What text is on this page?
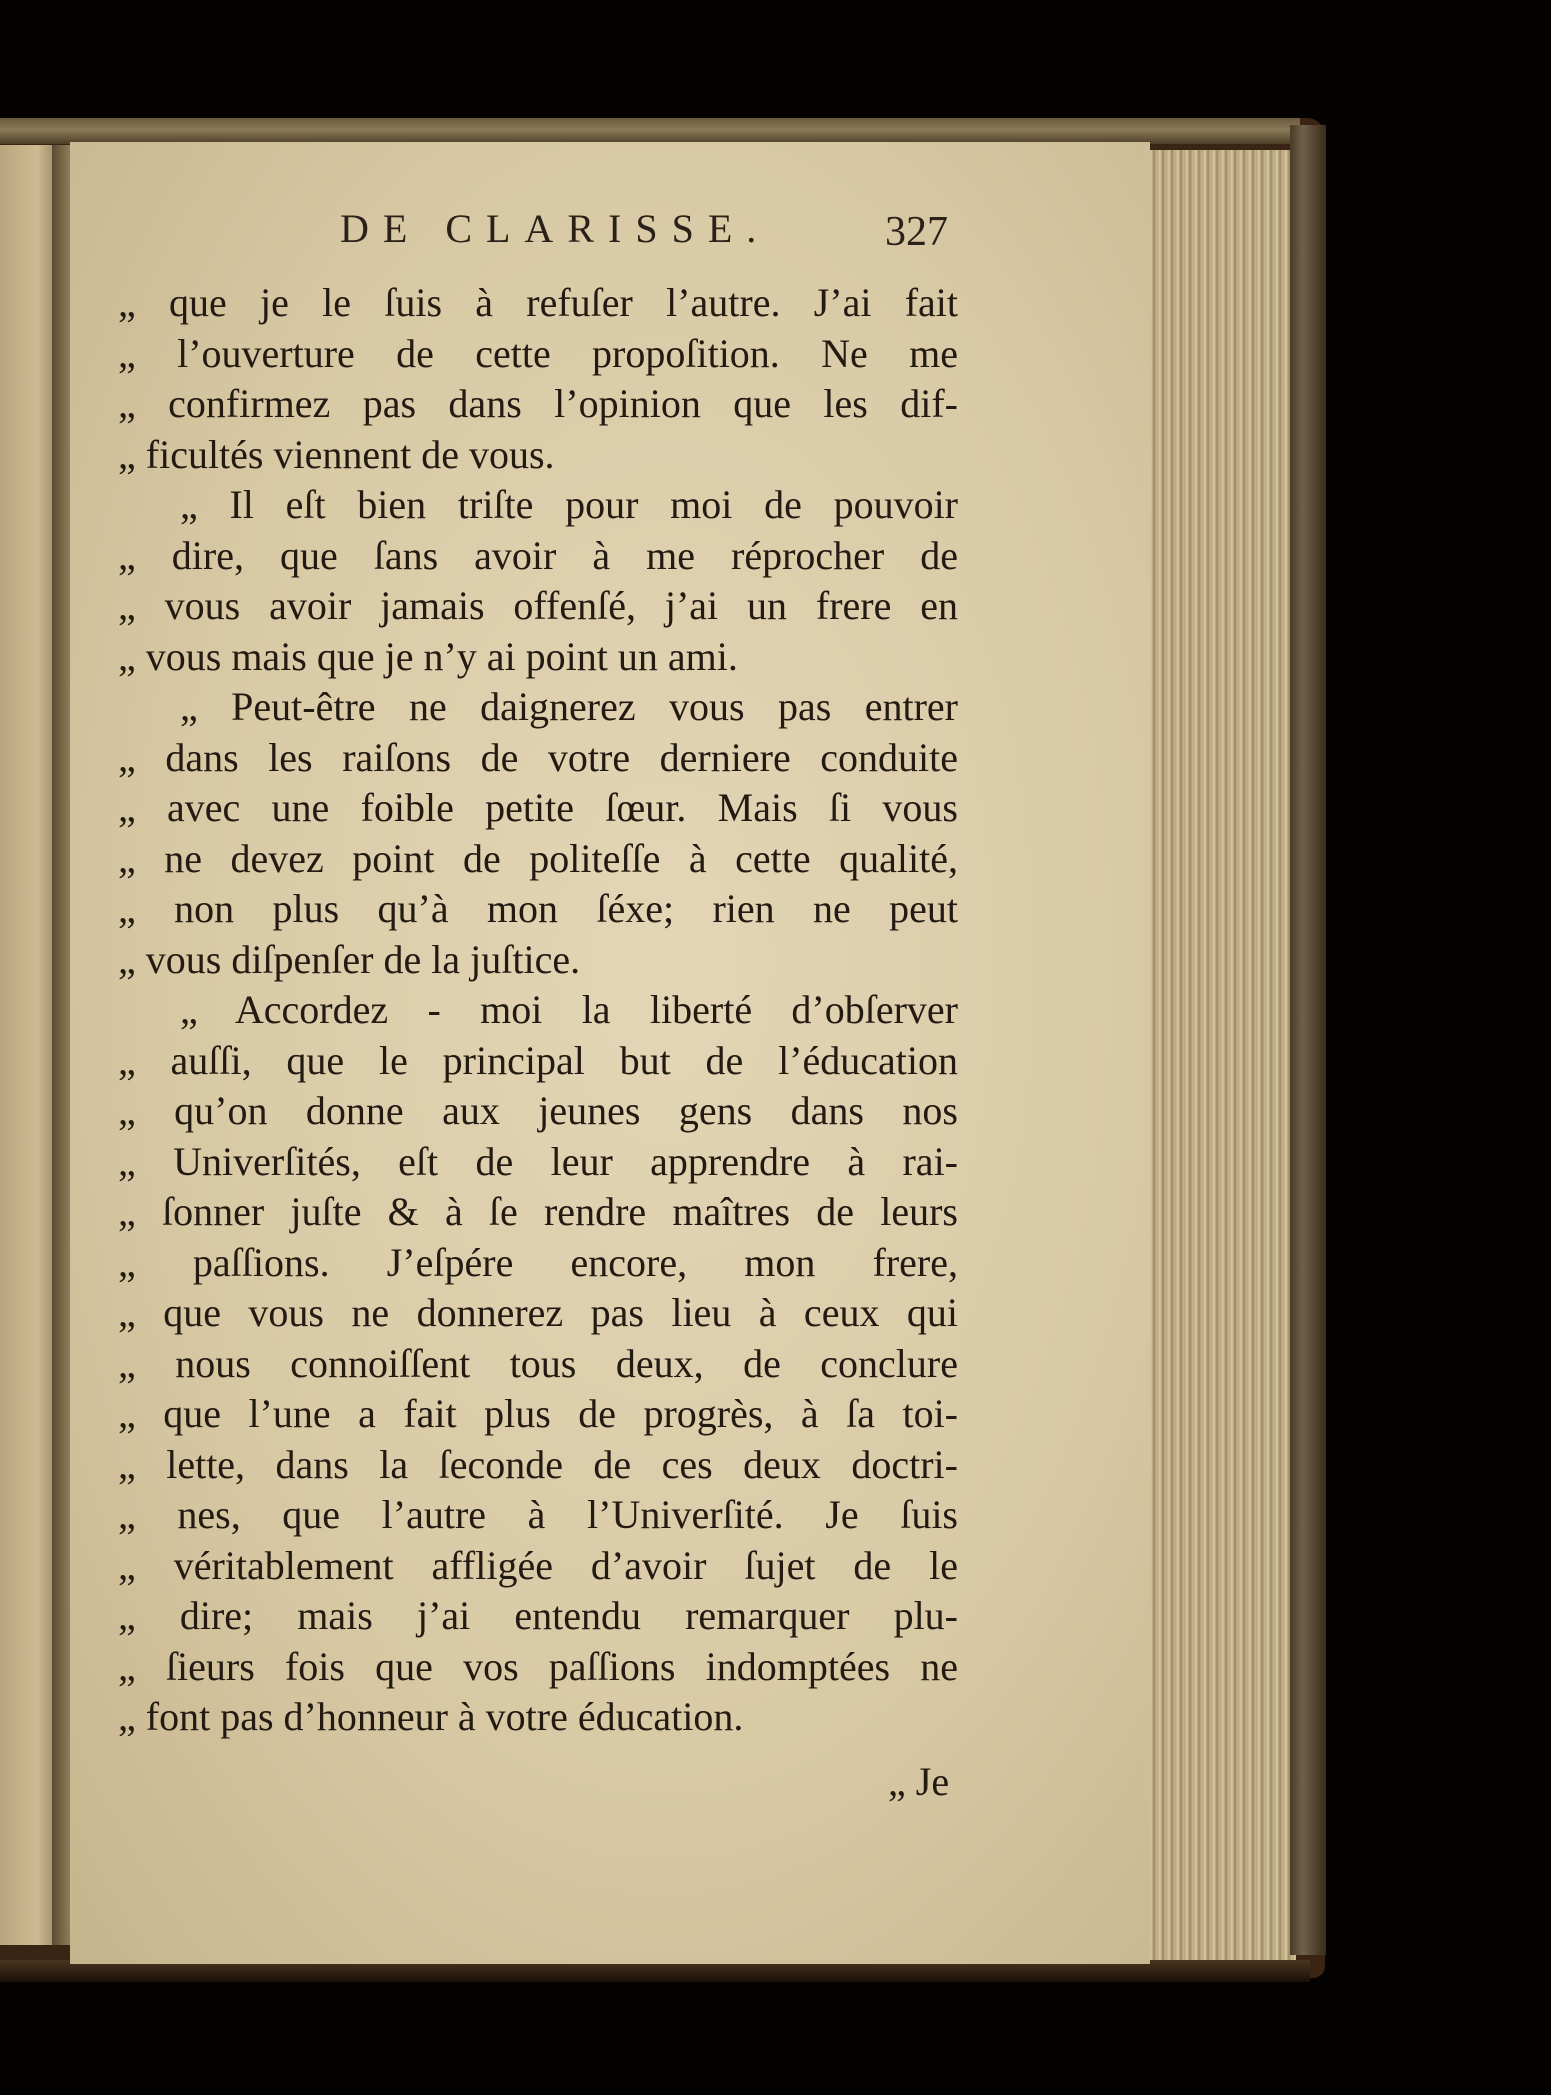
DE CLARISSE.	327
„ que je le ſuis à refuſer l’autre. J’ai fait
„ l’ouverture de cette propoſition. Ne me
„ confirmez pas dans l’opinion que les dif-
„ ficultés viennent de vous.
„ Il eſt bien triſte pour moi de pouvoir
„ dire, que ſans avoir à me réprocher de
„ vous avoir jamais offenſé, j’ai un frere en
„ vous mais que je n’y ai point un ami.
„ Peut-être ne daignerez vous pas entrer
„ dans les raiſons de votre derniere conduite
„ avec une foible petite ſœur. Mais ſi vous
„ ne devez point de politeſſe à cette qualité,
„ non plus qu’à mon ſéxe; rien ne peut
„ vous diſpenſer de la juſtice.
„ Accordez - moi la liberté d’obſerver
„ auſſi, que le principal but de l’éducation
„ qu’on donne aux jeunes gens dans nos
„ Univerſités, eſt de leur apprendre à rai-
„ ſonner juſte & à ſe rendre maîtres de leurs
„ paſſions. J’eſpére encore, mon frere,
„ que vous ne donnerez pas lieu à ceux qui
„ nous connoiſſent tous deux, de conclure
„ que l’une a fait plus de progrès, à ſa toi-
„ lette, dans la ſeconde de ces deux doctri-
„ nes, que l’autre à l’Univerſité. Je ſuis
„ véritablement affligée d’avoir ſujet de le
„ dire; mais j’ai entendu remarquer plu-
„ ſieurs fois que vos paſſions indomptées ne
„ font pas d’honneur à votre éducation.
„ Je
